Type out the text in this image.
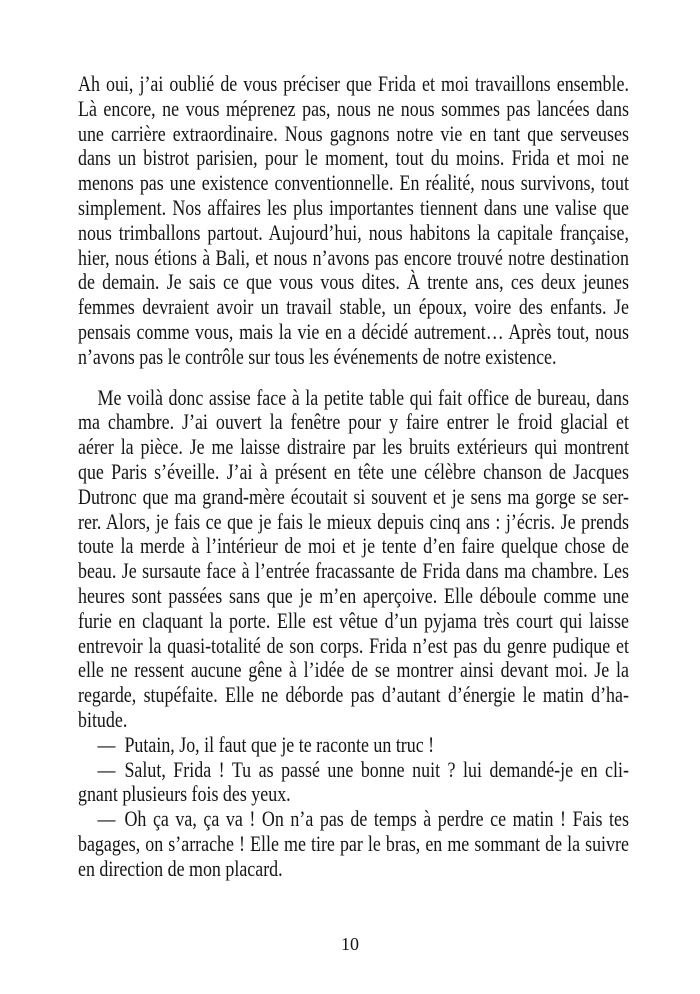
Ah oui, j’ai oublié de vous préciser que Frida et moi travaillons ensemble.
Là encore, ne vous méprenez pas, nous ne nous sommes pas lancées dans
une carrière extraordinaire. Nous gagnons notre vie en tant que serveuses
dans un bistrot parisien, pour le moment, tout du moins. Frida et moi ne
menons pas une existence conventionnelle. En réalité, nous survivons, tout
simplement. Nos affaires les plus importantes tiennent dans une valise que
nous trimballons partout. Aujourd’hui, nous habitons la capitale française,
hier, nous étions à Bali, et nous n’avons pas encore trouvé notre destination
de demain. Je sais ce que vous vous dites. À trente ans, ces deux jeunes
femmes devraient avoir un travail stable, un époux, voire des enfants. Je
pensais comme vous, mais la vie en a décidé autrement… Après tout, nous
n’avons pas le contrôle sur tous les événements de notre existence.
Me voilà donc assise face à la petite table qui fait office de bureau, dans
ma chambre. J’ai ouvert la fenêtre pour y faire entrer le froid glacial et
aérer la pièce. Je me laisse distraire par les bruits extérieurs qui montrent
que Paris s’éveille. J’ai à présent en tête une célèbre chanson de Jacques
Dutronc que ma grand-mère écoutait si souvent et je sens ma gorge se ser-
rer. Alors, je fais ce que je fais le mieux depuis cinq ans : j’écris. Je prends
toute la merde à l’intérieur de moi et je tente d’en faire quelque chose de
beau. Je sursaute face à l’entrée fracassante de Frida dans ma chambre. Les
heures sont passées sans que je m’en aperçoive. Elle déboule comme une
furie en claquant la porte. Elle est vêtue d’un pyjama très court qui laisse
entrevoir la quasi-totalité de son corps. Frida n’est pas du genre pudique et
elle ne ressent aucune gêne à l’idée de se montrer ainsi devant moi. Je la
regarde, stupéfaite. Elle ne déborde pas d’autant d’énergie le matin d’ha-
bitude.
— Putain, Jo, il faut que je te raconte un truc !
— Salut, Frida ! Tu as passé une bonne nuit ? lui demandé-je en cli-
gnant plusieurs fois des yeux.
— Oh ça va, ça va ! On n’a pas de temps à perdre ce matin ! Fais tes
bagages, on s’arrache ! Elle me tire par le bras, en me sommant de la suivre
en direction de mon placard.
10
